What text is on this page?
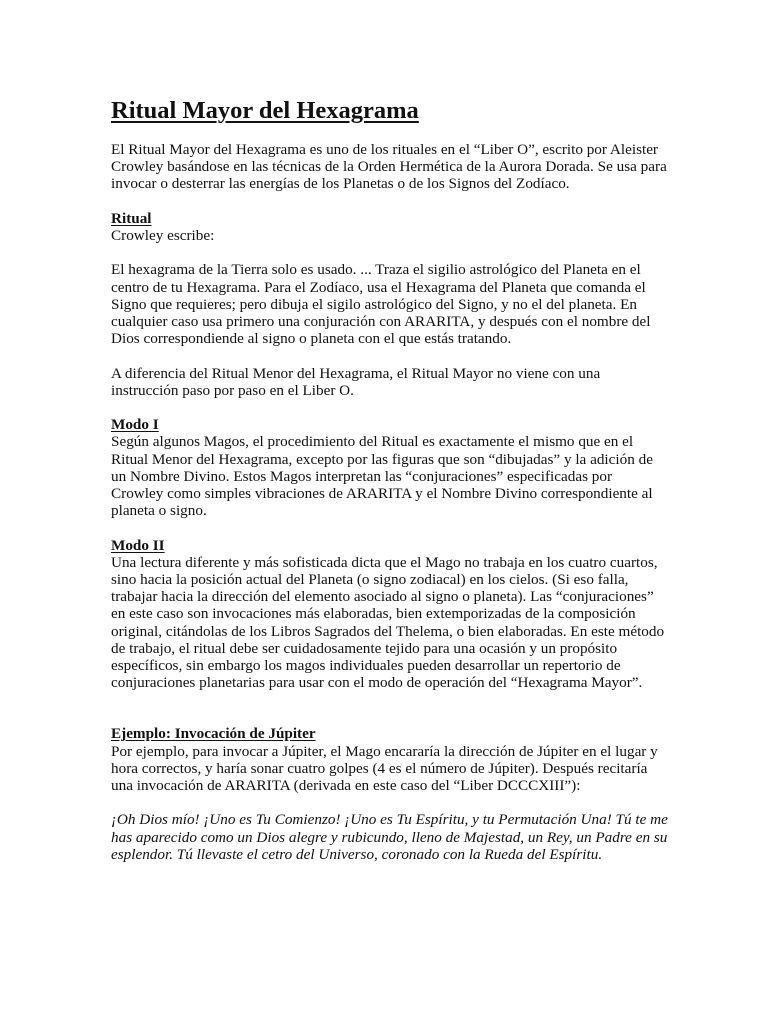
Ritual Mayor del Hexagrama

El Ritual Mayor del Hexagrama es uno de los rituales en el “Liber O”, escrito por Aleister Crowley basándose en las técnicas de la Orden Hermética de la Aurora Dorada. Se usa para invocar o desterrar las energías de los Planetas o de los Signos del Zodíaco.

Ritual

Crowley escribe:

El hexagrama de la Tierra solo es usado. ... Traza el sigilio astrológico del Planeta en el centro de tu Hexagrama. Para el Zodíaco, usa el Hexagrama del Planeta que comanda el Signo que requieres; pero dibuja el sigilo astrológico del Signo, y no el del planeta. En cualquier caso usa primero una conjuración con ARARITA, y después con el nombre del Dios correspondiende al signo o planeta con el que estás tratando.

A diferencia del Ritual Menor del Hexagrama, el Ritual Mayor no viene con una instrucción paso por paso en el Liber O.

Modo I

Según algunos Magos, el procedimiento del Ritual es exactamente el mismo que en el Ritual Menor del Hexagrama, excepto por las figuras que son “dibujadas” y la adición de un Nombre Divino. Estos Magos interpretan las “conjuraciones” especificadas por Crowley como simples vibraciones de ARARITA y el Nombre Divino correspondiente al planeta o signo.

Modo II

Una lectura diferente y más sofisticada dicta que el Mago no trabaja en los cuatro cuartos, sino hacia la posición actual del Planeta (o signo zodiacal) en los cielos. (Si eso falla, trabajar hacia la dirección del elemento asociado al signo o planeta). Las “conjuraciones” en este caso son invocaciones más elaboradas, bien extemporizadas de la composición original, citándolas de los Libros Sagrados del Thelema, o bien elaboradas. En este método de trabajo, el ritual debe ser cuidadosamente tejido para una ocasión y un propósito específicos, sin embargo los magos individuales pueden desarrollar un repertorio de conjuraciones planetarias para usar con el modo de operación del “Hexagrama Mayor”.

Ejemplo: Invocación de Júpiter

Por ejemplo, para invocar a Júpiter, el Mago encararía la dirección de Júpiter en el lugar y hora correctos, y haría sonar cuatro golpes (4 es el número de Júpiter). Después recitaría una invocación de ARARITA (derivada en este caso del “Liber DCCCXIII”):

¡Oh Dios mío! ¡Uno es Tu Comienzo! ¡Uno es Tu Espíritu, y tu Permutación Una! Tú te me has aparecido como un Dios alegre y rubicundo, lleno de Majestad, un Rey, un Padre en su esplendor. Tú llevaste el cetro del Universo, coronado con la Rueda del Espíritu.
